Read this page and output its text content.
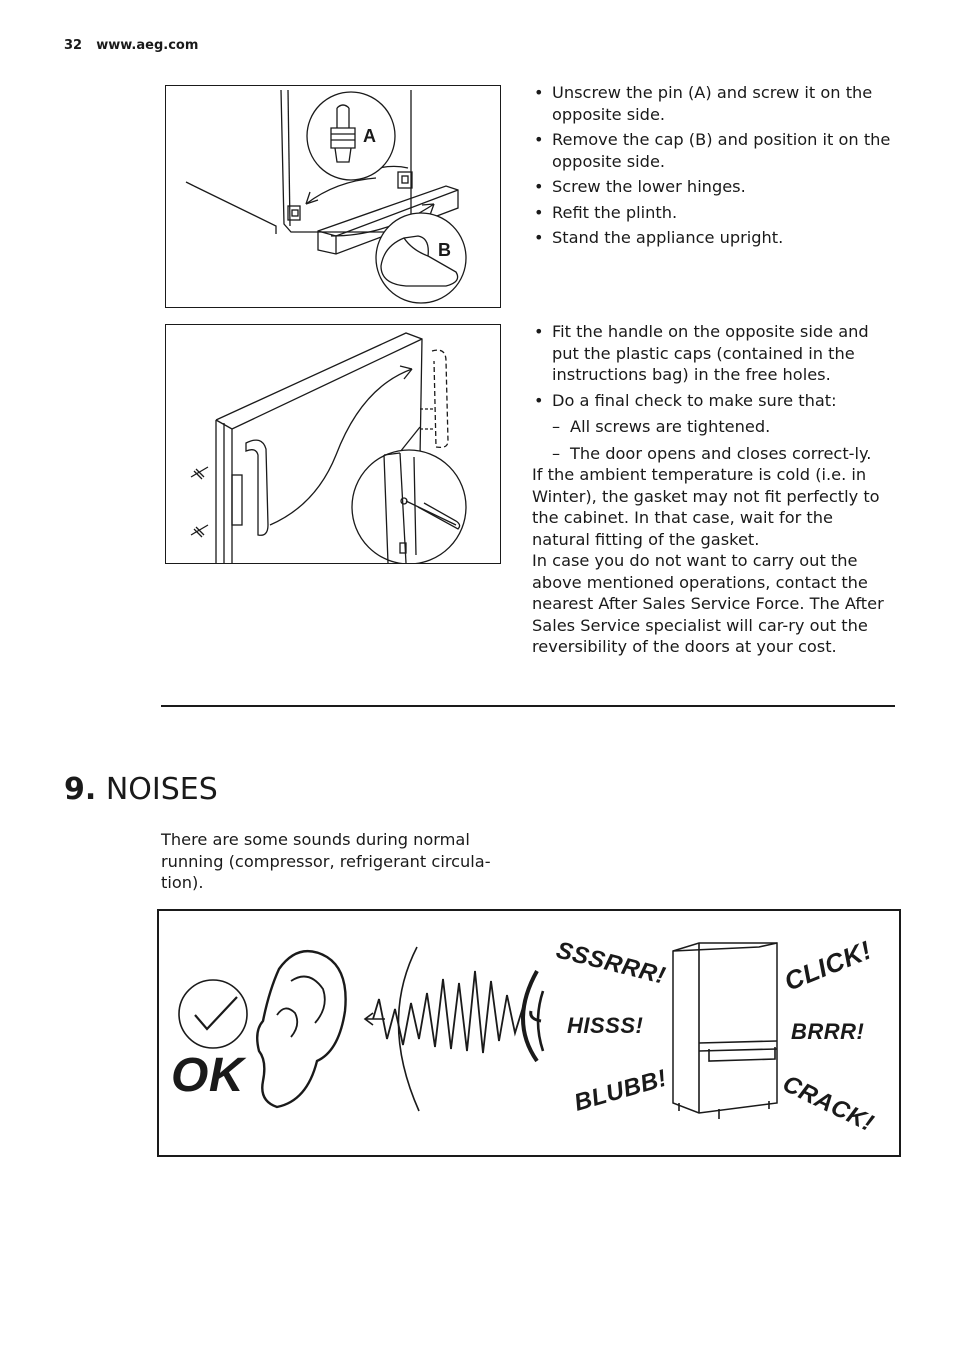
32 www.aeg.com
A
B
• Unscrew the pin (A) and screw it on the opposite side.
• Remove the cap (B) and position it on the opposite side.
• Screw the lower hinges.
• Refit the plinth.
• Stand the appliance upright.
• Fit the handle on the opposite side and put the plastic caps (contained in the instructions bag) in the free holes.
• Do a final check to make sure that:
– All screws are tightened.
– The door opens and closes correct-ly.

If the ambient temperature is cold (i.e. in Winter), the gasket may not fit perfectly to the cabinet. In that case, wait for the natural fitting of the gasket.

In case you do not want to carry out the above mentioned operations, contact the nearest After Sales Service Force. The After Sales Service specialist will car-ry out the reversibility of the doors at your cost.

9. NOISES
There are some sounds during normal running (compressor, refrigerant circula-tion).
OK
SSSRRR!
HISSS!
BLUBB!
CLICK!
BRRR!
CRACK!
